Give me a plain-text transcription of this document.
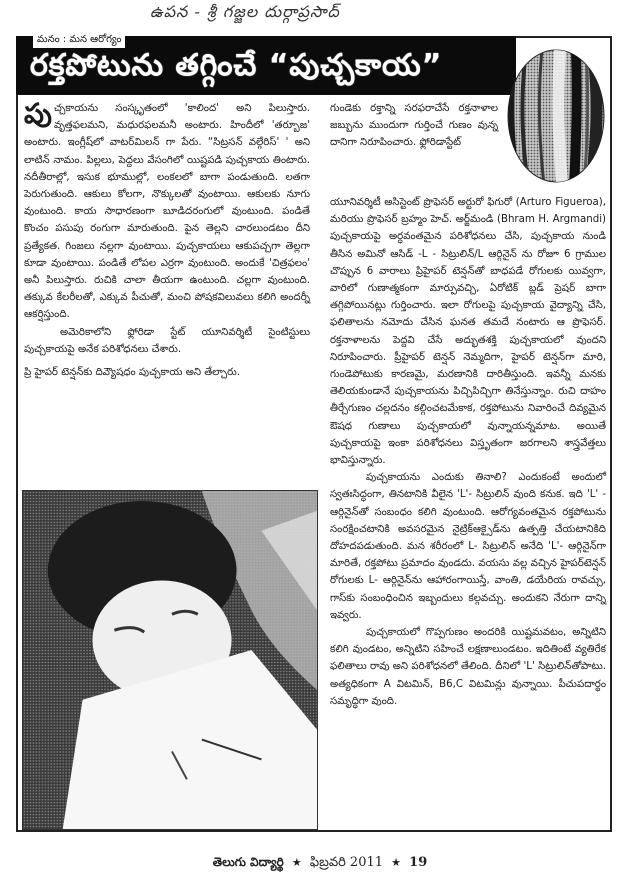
ఉపన - శ్రీ గజ్జల దుర్గాప్రసాద్
మనం : మన ఆరోగ్యం
రక్తపోటును తగ్గించే “పుచ్చకాయ”

పుచ్చకాయను సంస్కృతంలో 'కాలింద' అని పిలుస్తారు. వృత్తఫలమని, మధురఫలమనీ అంటారు. హిందీలో 'తర్బూజ' అంటారు. ఇంగ్లీష్‌లో వాటర్‌మిలన్ గా పేరు. “సిట్రసన్ వల్గేరిస్' ' అని లాటిన్ నామం. పిల్లలు, పెద్దలు వేసంగిలో యిష్టపడి పుచ్చకాయ తింటారు. నదీతీరాల్లో, ఇసుక భూముల్లో, లంకలలో బాగా పండుతుంది. లతగా పెరుగుతుంది. ఆకులు కోలగా, నొక్కులతో వుంటాయి. ఆకులకు నూగు వుంటుంది. కాయ సాధారణంగా బూడిదరంగులో వుంటుంది. పండితే కొంచం పసుపు రంగుగా మారుతుంది. పైన తెల్లని చారలుండటం దీని ప్రత్యేకత. గింజలు నల్లగా వుంటాయి. పుచ్చకాయలు ఆకుపచ్చగా తెల్లగా కూడా వుంటాయి. పండితే లోపల ఎర్రగా వుంటుంది. అందుకే 'చిత్రఫలం' అనీ పిలుస్తారు. రుచికి చాలా తీయగా ఉంటుంది. చల్లగా వుంటుంది. తక్కువ కేలరీలతో, ఎక్కువ పీచుతో, మంచి పోషకవిలువలు కలిగి అందర్నీ ఆకర్షిస్తుంది.

అమెరికాలోని ఫ్లోరిడా స్టేట్ యూనివర్శిటీ సైంటిస్టులు పుచ్చకాయపై అనేక పరిశోధనలు చేశారు.

ప్రి హైపర్ టెన్షన్‌కు దివ్యౌషధం పుచ్చకాయ అని తేల్చారు.

గుండెకు రక్తాన్ని సరఫరాచేసే రక్తనాళాల జబ్బును ముందుగా గుర్తించే గుణం వున్న దానిగా నిరూపించారు. ఫ్లోరిడాస్టేట్

యూనివర్శిటీ అసిస్టెంట్ ప్రొఫెసర్ అర్టురో ఫిగురో (Arturo Figueroa), మరియు ప్రొఫెసర్ బ్రహ్మం హెచ్. అర్జ్‌మండి (Bhram H. Argmandi) పుచ్చకాయపై అర్ధవంతమైన పరిశోధనలు చేసి, పుచ్చకాయ నుండి తీసిన అమినో ఆసిడ్ -L - సిట్రులిన్/L ఆర్గినైన్ ను రోజూ 6 గ్రాముల చొప్పున 6 వారాలు ప్రిహైపర్ టెన్షన్‌తో బాధపడే రోగులకు యివ్వగా, వారిలో గుణాత్మకంగా మార్పువచ్చి, ఏరోటిక్ బ్లడ్ ప్రెషర్ బాగా తగ్గిపోయినట్లు గుర్తించారు. ఇలా రోగులపై పుచ్చకాయ వైద్యాన్ని చేసి, ఫలితాలను నమోదు చేసిన ఘనత తమదే నంటారు ఆ ప్రొఫెసర్. రక్తనాళాలను పెద్దవి చేసే అద్భుతశక్తి పుచ్చకాయలో వుందని నిరూపించారు. ప్రీహైపర్ టెన్షన్ నెమ్మదిగా, హైపర్ టెన్షన్‌గా మారి, గుండెపోటుకు కారణమై, మరణానికి దారితీస్తుంది. ఇవన్నీ మనకు తెలియకుండానే పుచ్చకాయను పిచ్చిపిచ్చిగా తినేస్తున్నాం. రుచి దాహం తీర్చేగుణం చల్లదనం కల్గించటమేకాక, రక్తపోటును నివారించే దివ్యమైన ఔషధ గుణాలు పుచ్చకాయలో వున్నాయన్నమాట. అయితే పుచ్చకాయపై ఇంకా పరిశోధనలు విస్తృతంగా జరగాలని శాస్త్రవేత్తలు భావిస్తున్నారు.

పుచ్చకాయను ఎందుకు తినాలి? ఎందుకంటే అందులో స్వతఃసిద్ధంగా, తినటానికి వీలైన 'L'- సిట్రులిన్ వుంది కనుక. ఇది 'L' - ఆర్గినైన్‌తో సంబంధం కలిగి వుంటుంది. ఆరోగ్యవంతమైన రక్తపోటును సంరక్షించటానికి అవసరమైన నైట్రిక్‌ఆక్సైడ్‌ను ఉత్పత్తి చేయటానికిది దోహదపడుతుంది. మన శరీరంలో L- సిట్రులిన్ అనేది 'L'- ఆర్గినైన్‌గా మారితే, రక్తపోటు ప్రమాదం వుండదు. వయసు వల్ల వచ్చిన హైపర్‌టెన్షన్ రోగులకు L- ఆర్గినైన్‌ను ఆహారంగాయిస్తే, వాంతి, డయేరియ రావచ్చు, గాస్‌కు సంబంధించిన ఇబ్బందులు కల్గవచ్చు. అందుకని నేరుగా దాన్ని ఇవ్వరు.

పుచ్చకాయలో గొప్పగుణం అందరికి యిష్టమవటం, అన్నిటిని కలిగి వుండటం, అన్నిటిని సహించే లక్షణాలుండటం. ఇదితింటే వ్యతిరేక ఫలితాలు రావు అని పరిశోధనలో తేలింది. దీనిలో 'L' సిట్రులిన్‌తోపాటు. అత్యధికంగా A విటమిన్, B6,C విటమిన్లు వున్నాయి. పీచుపదార్థం సమృద్ధిగా వుంది.

తెలుగు విద్యార్థి ★ ఫిబ్రవరి 2011 ★ 19
